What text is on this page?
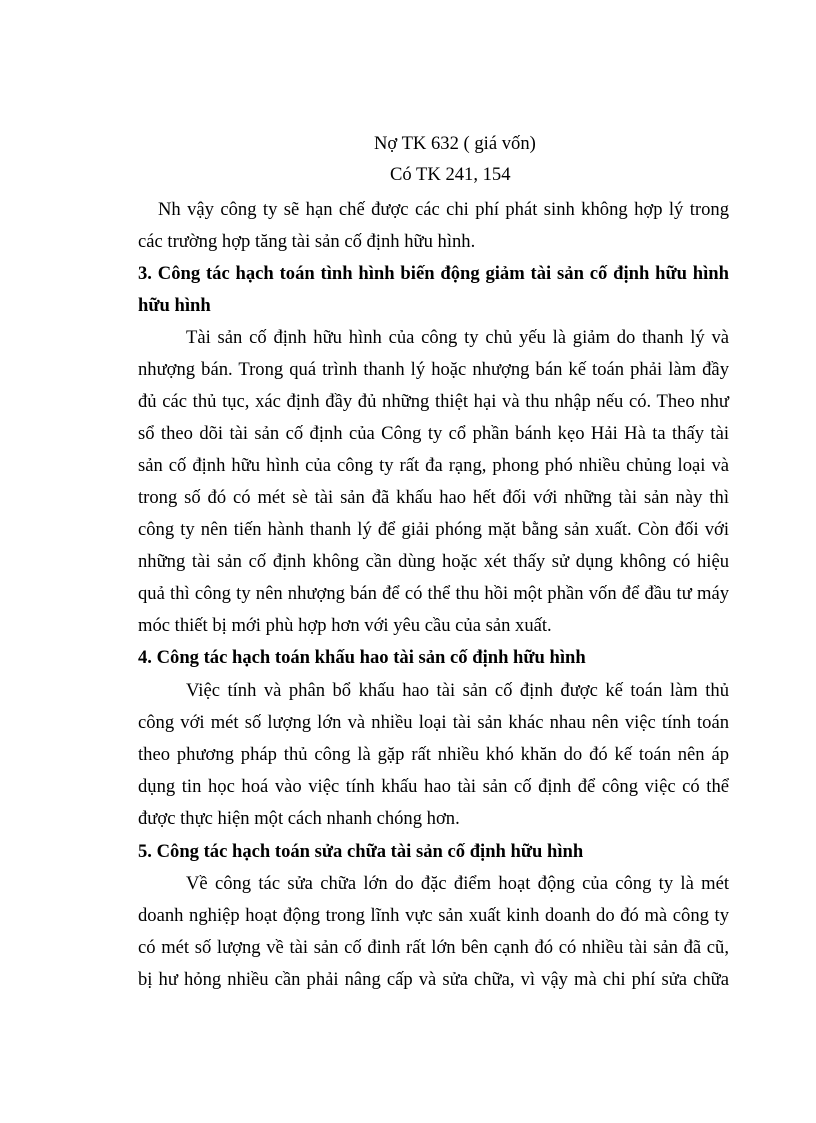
Nợ TK 632 ( giá vốn)
Có TK 241, 154
Nh vậy công ty sẽ hạn chế được các chi phí phát sinh không hợp lý trong
các trường hợp tăng tài sản cố định hữu hình.
3. Công tác hạch toán tình hình biến động giảm tài sản cố định hữu hình
hữu hình
Tài sản cố định hữu hình của công ty chủ yếu là giảm do thanh lý và
nhượng bán. Trong quá trình thanh lý hoặc nhượng bán kế toán phải làm đầy
đủ các thủ tục, xác định đầy đủ những thiệt hại và thu nhập nếu có. Theo như
sổ theo dõi tài sản cố định của Công ty cổ phần bánh kẹo Hải Hà ta thấy tài
sản cố định hữu hình của công ty rất đa rạng, phong phó nhiều chủng loại và
trong số đó có mét sè tài sản đã khấu hao hết đối với những tài sản này thì
công ty nên tiến hành thanh lý để giải phóng mặt bằng sản xuất. Còn đối với
những tài sản cố định không cần dùng hoặc xét thấy sử dụng không có hiệu
quả thì công ty nên nhượng bán để có thể thu hồi một phần vốn để đầu tư máy
móc thiết bị mới phù hợp hơn với yêu cầu của sản xuất.
4. Công tác hạch toán khấu hao tài sản cố định hữu hình
Việc tính và phân bổ khấu hao tài sản cố định được kế toán làm thủ
công với mét số lượng lớn và nhiều loại tài sản khác nhau nên việc tính toán
theo phương pháp thủ công là gặp rất nhiều khó khăn do đó kế toán nên áp
dụng tin học hoá vào việc tính khấu hao tài sản cố định để công việc có thể
được thực hiện một cách nhanh chóng hơn.
5. Công tác hạch toán sửa chữa tài sản cố định hữu hình
Về công tác sửa chữa lớn do đặc điểm hoạt động của công ty là mét
doanh nghiệp hoạt động trong lĩnh vực sản xuất kinh doanh do đó mà công ty
có mét số lượng về tài sản cố đinh rất lớn bên cạnh đó có nhiều tài sản đã cũ,
bị hư hỏng nhiều cần phải nâng cấp và sửa chữa, vì vậy mà chi phí sửa chữa
